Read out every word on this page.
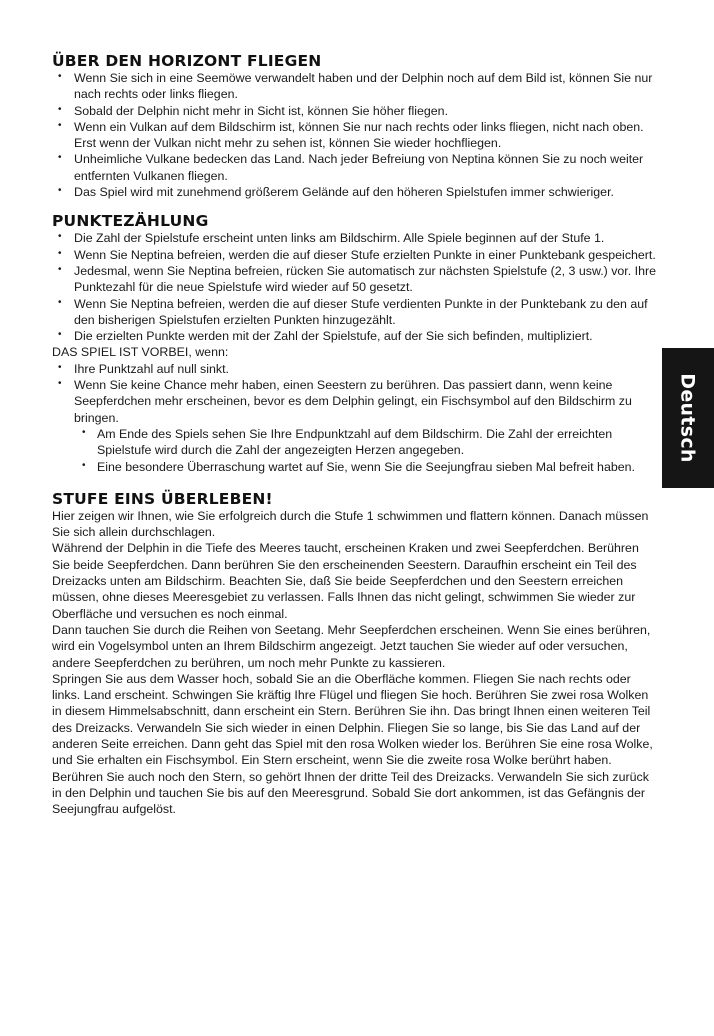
ÜBER DEN HORIZONT FLIEGEN
• Wenn Sie sich in eine Seemöwe verwandelt haben und der Delphin noch auf dem Bild ist, können Sie nur nach rechts oder links fliegen.
• Sobald der Delphin nicht mehr in Sicht ist, können Sie höher fliegen.
• Wenn ein Vulkan auf dem Bildschirm ist, können Sie nur nach rechts oder links fliegen, nicht nach oben. Erst wenn der Vulkan nicht mehr zu sehen ist, können Sie wieder hochfliegen.
• Unheimliche Vulkane bedecken das Land. Nach jeder Befreiung von Neptina können Sie zu noch weiter entfernten Vulkanen fliegen.
• Das Spiel wird mit zunehmend größerem Gelände auf den höheren Spielstufen immer schwieriger.
PUNKTEZÄHLUNG
• Die Zahl der Spielstufe erscheint unten links am Bildschirm. Alle Spiele beginnen auf der Stufe 1.
• Wenn Sie Neptina befreien, werden die auf dieser Stufe erzielten Punkte in einer Punktebank gespeichert.
• Jedesmal, wenn Sie Neptina befreien, rücken Sie automatisch zur nächsten Spielstufe (2, 3 usw.) vor. Ihre Punktezahl für die neue Spielstufe wird wieder auf 50 gesetzt.
• Wenn Sie Neptina befreien, werden die auf dieser Stufe verdienten Punkte in der Punktebank zu den auf den bisherigen Spielstufen erzielten Punkten hinzugezählt.
• Die erzielten Punkte werden mit der Zahl der Spielstufe, auf der Sie sich befinden, multipliziert.

DAS SPIEL IST VORBEI, wenn:

• Ihre Punktzahl auf null sinkt.
• Wenn Sie keine Chance mehr haben, einen Seestern zu berühren. Das passiert dann, wenn keine Seepferdchen mehr erscheinen, bevor es dem Delphin gelingt, ein Fischsymbol auf den Bildschirm zu bringen.
• Am Ende des Spiels sehen Sie Ihre Endpunktzahl auf dem Bildschirm. Die Zahl der erreichten Spielstufe wird durch die Zahl der angezeigten Herzen angegeben.
• Eine besondere Überraschung wartet auf Sie, wenn Sie die Seejungfrau sieben Mal befreit haben.
STUFE EINS ÜBERLEBEN!

Hier zeigen wir Ihnen, wie Sie erfolgreich durch die Stufe 1 schwimmen und flattern können. Danach müssen Sie sich allein durchschlagen.

Während der Delphin in die Tiefe des Meeres taucht, erscheinen Kraken und zwei Seepferdchen. Berühren Sie beide Seepferdchen. Dann berühren Sie den erscheinenden Seestern. Daraufhin erscheint ein Teil des Dreizacks unten am Bildschirm. Beachten Sie, daß Sie beide Seepferdchen und den Seestern erreichen müssen, ohne dieses Meeresgebiet zu verlassen. Falls Ihnen das nicht gelingt, schwimmen Sie wieder zur Oberfläche und versuchen es noch einmal.

Dann tauchen Sie durch die Reihen von Seetang. Mehr Seepferdchen erscheinen. Wenn Sie eines berühren, wird ein Vogelsymbol unten an Ihrem Bildschirm angezeigt. Jetzt tauchen Sie wieder auf oder versuchen, andere Seepferdchen zu berühren, um noch mehr Punkte zu kassieren.

Springen Sie aus dem Wasser hoch, sobald Sie an die Oberfläche kommen. Fliegen Sie nach rechts oder links. Land erscheint. Schwingen Sie kräftig Ihre Flügel und fliegen Sie hoch. Berühren Sie zwei rosa Wolken in diesem Himmelsabschnitt, dann erscheint ein Stern. Berühren Sie ihn. Das bringt Ihnen einen weiteren Teil des Dreizacks. Verwandeln Sie sich wieder in einen Delphin. Fliegen Sie so lange, bis Sie das Land auf der anderen Seite erreichen. Dann geht das Spiel mit den rosa Wolken wieder los. Berühren Sie eine rosa Wolke, und Sie erhalten ein Fischsymbol. Ein Stern erscheint, wenn Sie die zweite rosa Wolke berührt haben. Berühren Sie auch noch den Stern, so gehört Ihnen der dritte Teil des Dreizacks. Verwandeln Sie sich zurück in den Delphin und tauchen Sie bis auf den Meeresgrund. Sobald Sie dort ankommen, ist das Gefängnis der Seejungfrau aufgelöst.

Deutsch
